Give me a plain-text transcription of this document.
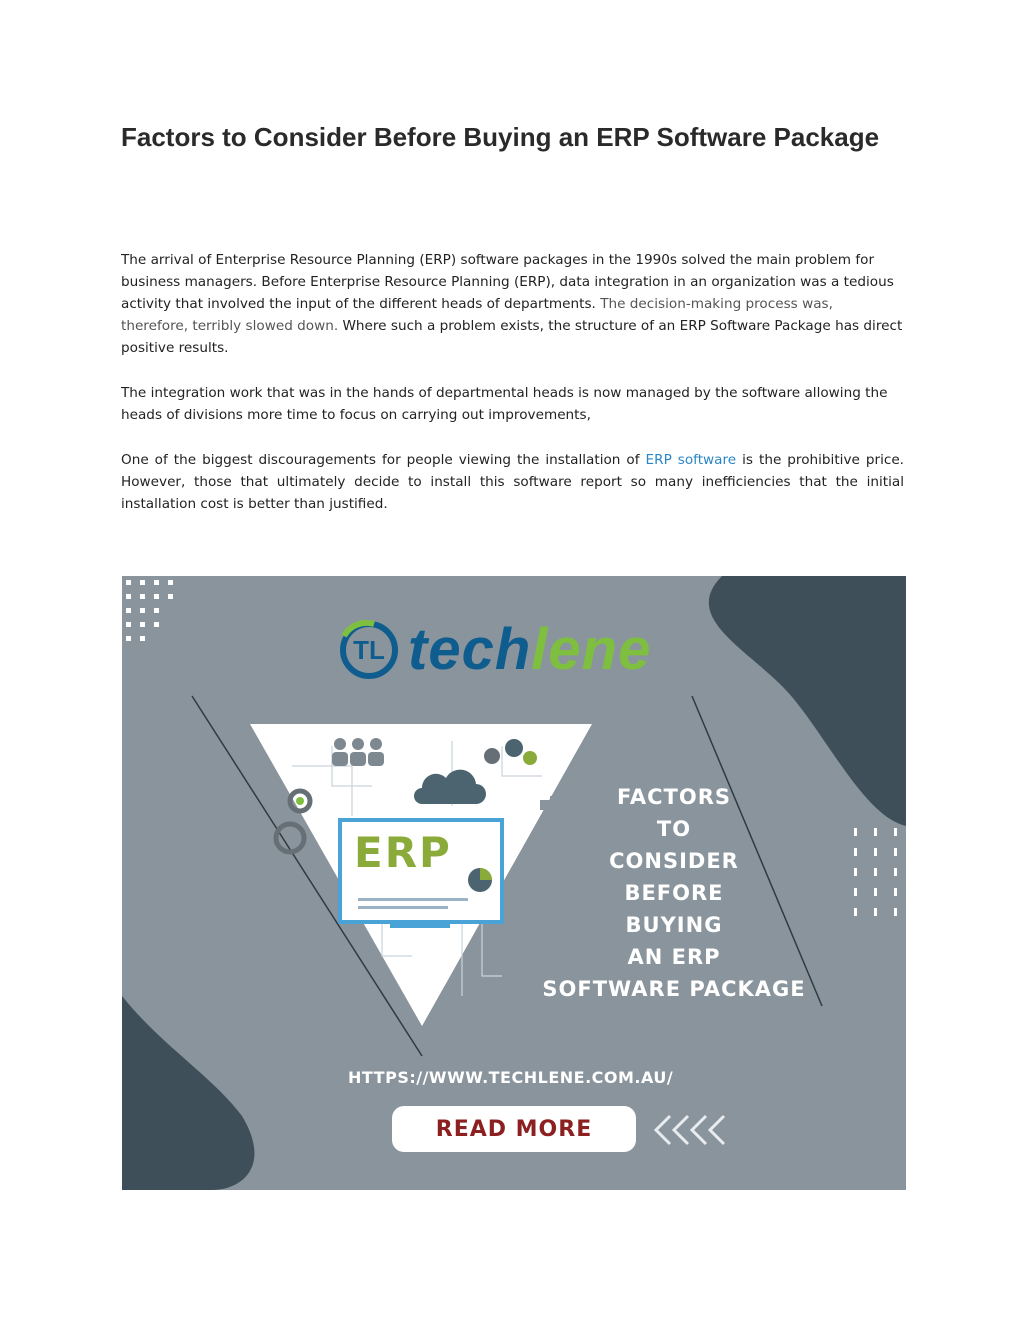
Factors to Consider Before Buying an ERP Software Package

The arrival of Enterprise Resource Planning (ERP) software packages in the 1990s solved the main problem for business managers. Before Enterprise Resource Planning (ERP), data integration in an organization was a tedious activity that involved the input of the different heads of departments. The decision-making process was, therefore, terribly slowed down. Where such a problem exists, the structure of an ERP Software Package has direct positive results.

The integration work that was in the hands of departmental heads is now managed by the software allowing the heads of divisions more time to focus on carrying out improvements,

One of the biggest discouragements for people viewing the installation of ERP software is the prohibitive price. However, those that ultimately decide to install this software report so many inefficiencies that the initial installation cost is better than justified.

TL techlene
ERP
FACTORS
TO
CONSIDER
BEFORE
BUYING
AN ERP
SOFTWARE PACKAGE
HTTPS://WWW.TECHLENE.COM.AU/
READ MORE
